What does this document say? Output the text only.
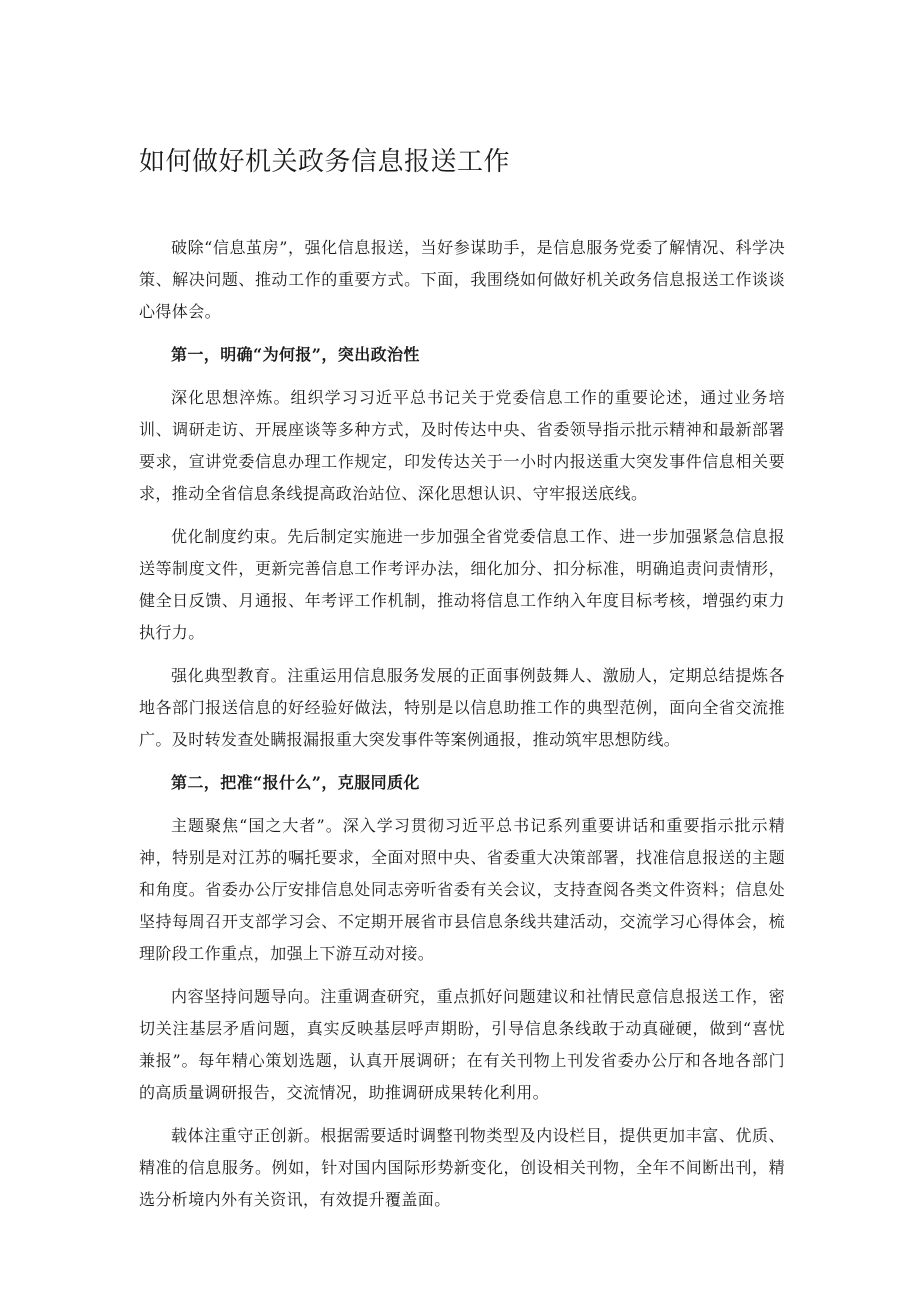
如何做好机关政务信息报送工作

破除“信息茧房”，强化信息报送，当好参谋助手，是信息服务党委了解情况、科学决策、解决问题、推动工作的重要方式。下面，我围绕如何做好机关政务信息报送工作谈谈心得体会。

第一，明确“为何报”，突出政治性

深化思想淬炼。组织学习习近平总书记关于党委信息工作的重要论述，通过业务培训、调研走访、开展座谈等多种方式，及时传达中央、省委领导指示批示精神和最新部署要求，宣讲党委信息办理工作规定，印发传达关于一小时内报送重大突发事件信息相关要求，推动全省信息条线提高政治站位、深化思想认识、守牢报送底线。

优化制度约束。先后制定实施进一步加强全省党委信息工作、进一步加强紧急信息报送等制度文件，更新完善信息工作考评办法，细化加分、扣分标准，明确追责问责情形，健全日反馈、月通报、年考评工作机制，推动将信息工作纳入年度目标考核，增强约束力执行力。

强化典型教育。注重运用信息服务发展的正面事例鼓舞人、激励人，定期总结提炼各地各部门报送信息的好经验好做法，特别是以信息助推工作的典型范例，面向全省交流推广。及时转发查处瞒报漏报重大突发事件等案例通报，推动筑牢思想防线。

第二，把准“报什么”，克服同质化

主题聚焦“国之大者”。深入学习贯彻习近平总书记系列重要讲话和重要指示批示精神，特别是对江苏的嘱托要求，全面对照中央、省委重大决策部署，找准信息报送的主题和角度。省委办公厅安排信息处同志旁听省委有关会议，支持查阅各类文件资料；信息处坚持每周召开支部学习会、不定期开展省市县信息条线共建活动，交流学习心得体会，梳理阶段工作重点，加强上下游互动对接。

内容坚持问题导向。注重调查研究，重点抓好问题建议和社情民意信息报送工作，密切关注基层矛盾问题，真实反映基层呼声期盼，引导信息条线敢于动真碰硬，做到“喜忧兼报”。每年精心策划选题，认真开展调研；在有关刊物上刊发省委办公厅和各地各部门的高质量调研报告，交流情况，助推调研成果转化利用。

载体注重守正创新。根据需要适时调整刊物类型及内设栏目，提供更加丰富、优质、精准的信息服务。例如，针对国内国际形势新变化，创设相关刊物，全年不间断出刊，精选分析境内外有关资讯，有效提升覆盖面。
